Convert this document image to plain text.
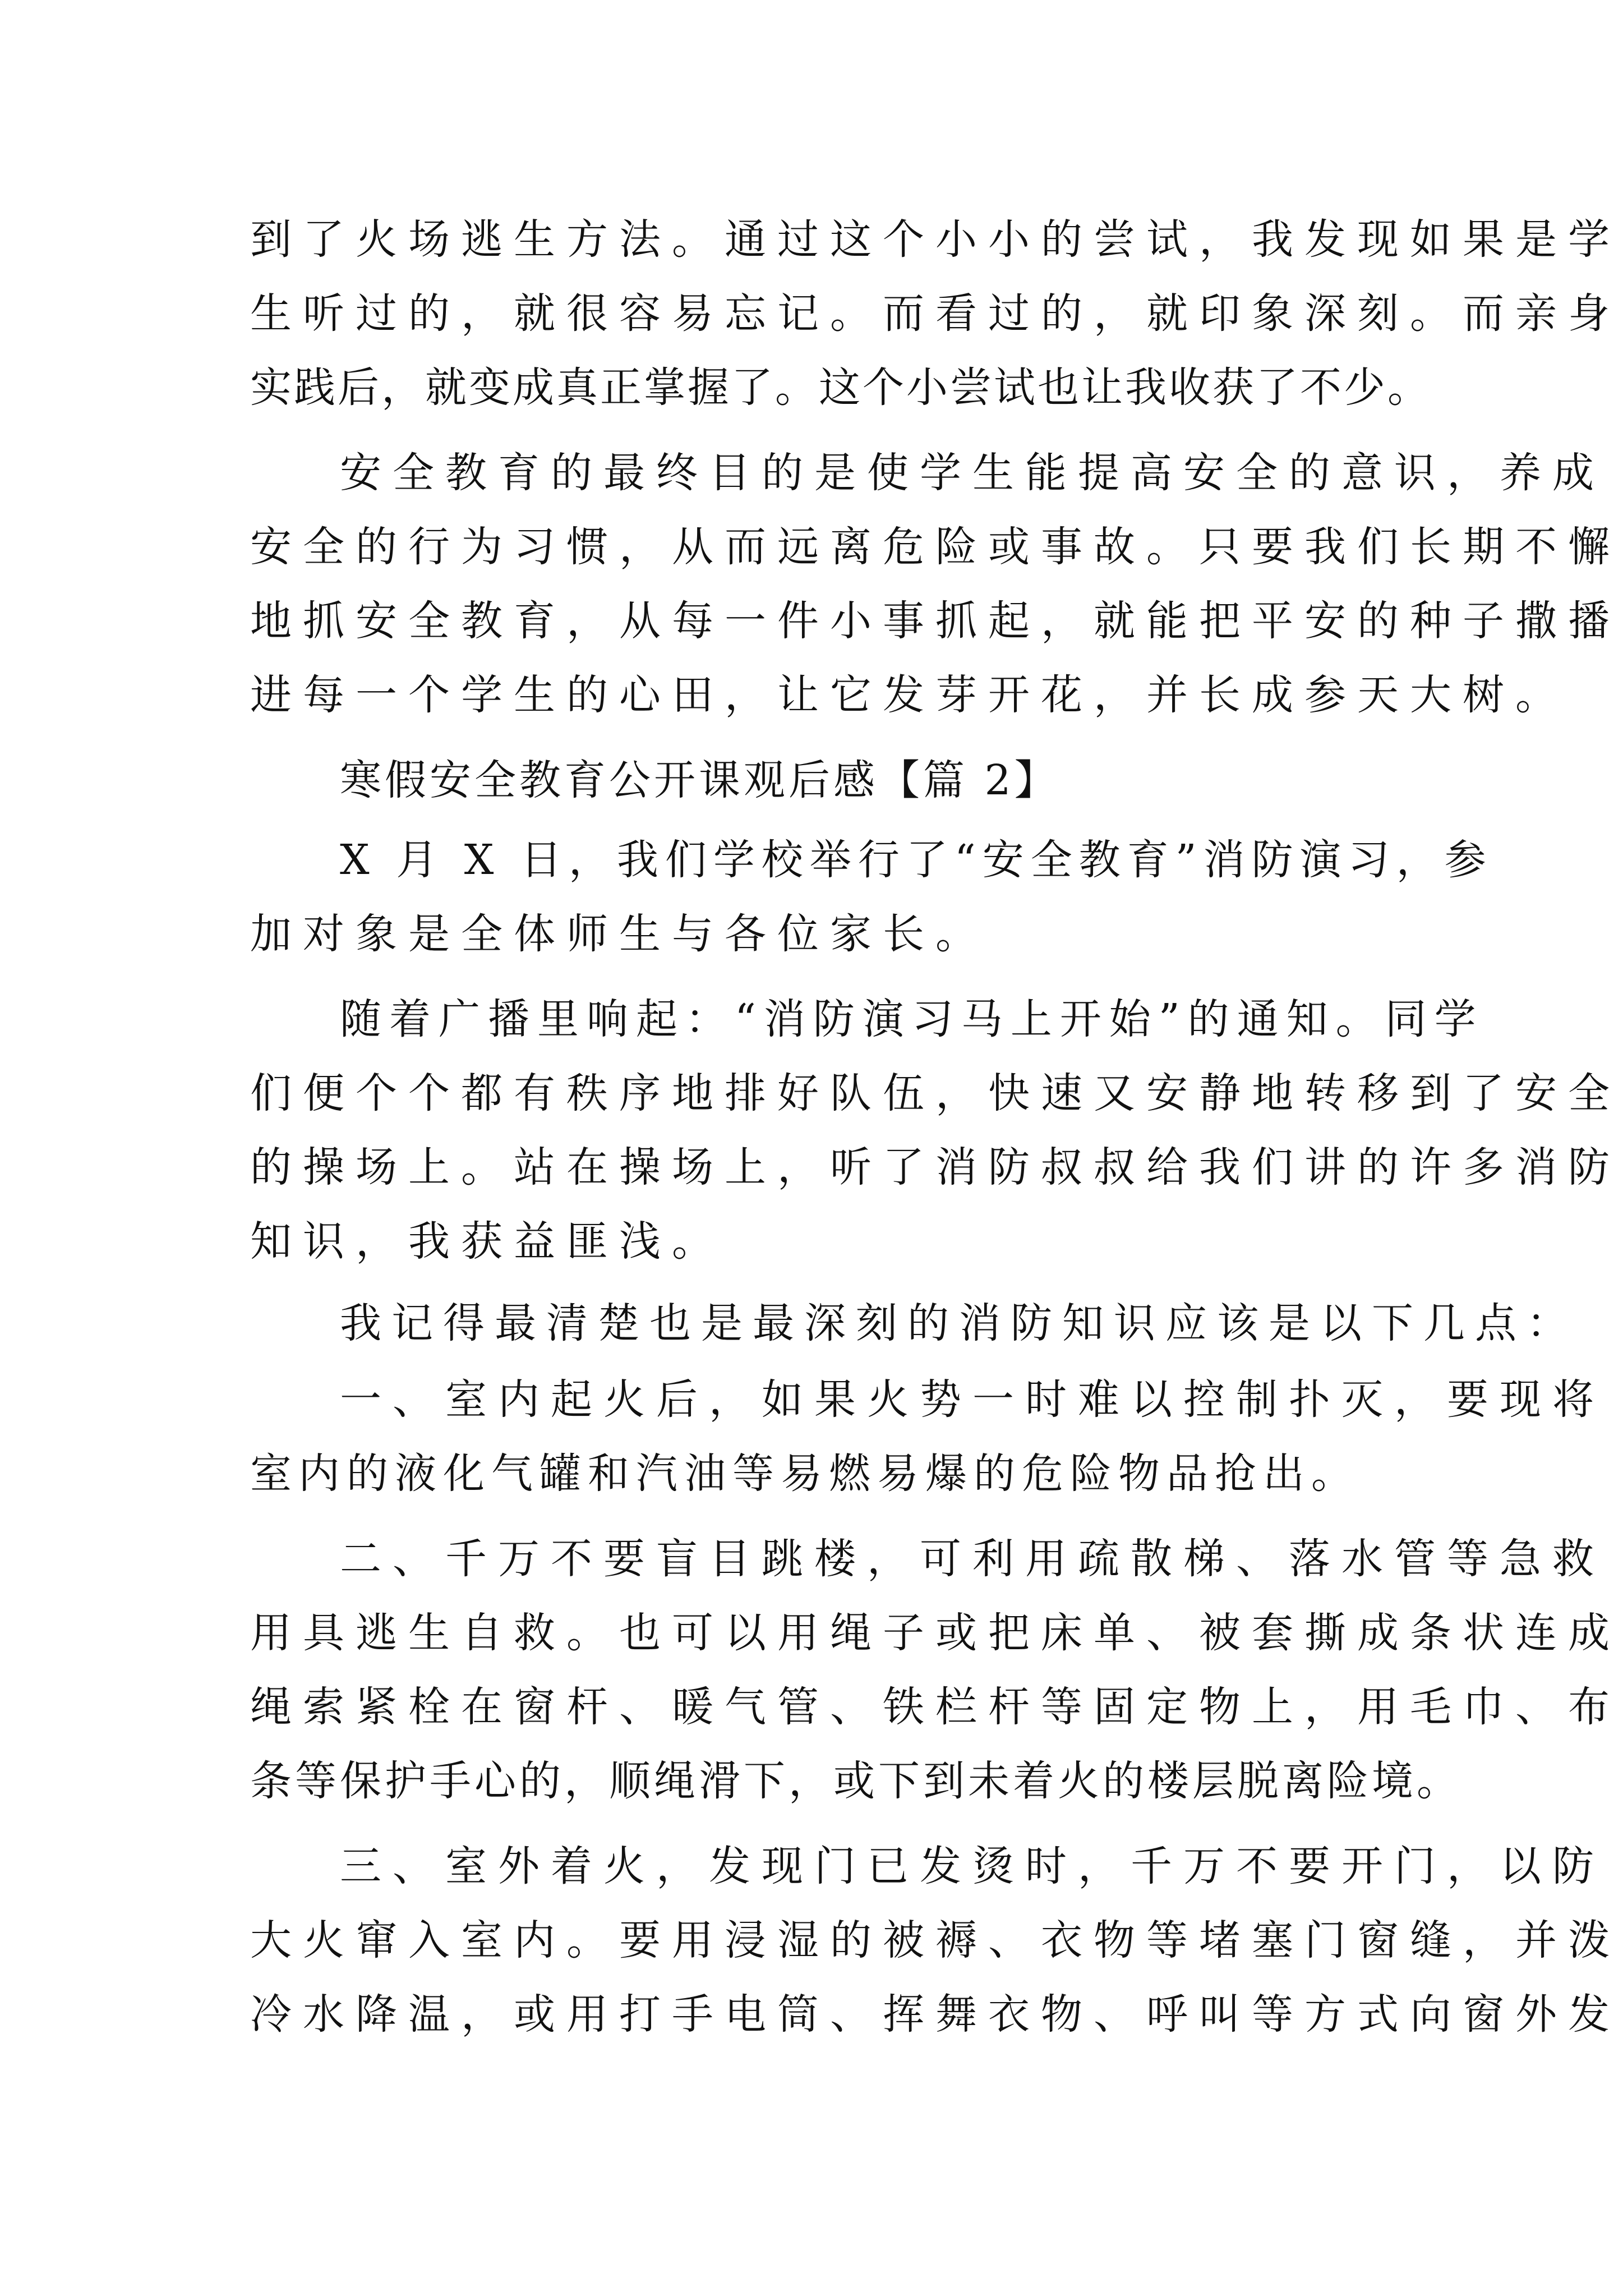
到了火场逃生方法。通过这个小小的尝试，我发现如果是学
生听过的，就很容易忘记。而看过的，就印象深刻。而亲身
实践后，就变成真正掌握了。这个小尝试也让我收获了不少。
安全教育的最终目的是使学生能提高安全的意识，养成
安全的行为习惯，从而远离危险或事故。只要我们长期不懈
地抓安全教育，从每一件小事抓起，就能把平安的种子撒播
进每一个学生的心田，让它发芽开花，并长成参天大树。
寒假安全教育公开课观后感【篇 2】
X 月 X 日，我们学校举行了“安全教育”消防演习，参
加对象是全体师生与各位家长。
随着广播里响起：“消防演习马上开始”的通知。同学
们便个个都有秩序地排好队伍，快速又安静地转移到了安全
的操场上。站在操场上，听了消防叔叔给我们讲的许多消防
知识，我获益匪浅。
我记得最清楚也是最深刻的消防知识应该是以下几点：
一、室内起火后，如果火势一时难以控制扑灭，要现将
室内的液化气罐和汽油等易燃易爆的危险物品抢出。
二、千万不要盲目跳楼，可利用疏散梯、落水管等急救
用具逃生自救。也可以用绳子或把床单、被套撕成条状连成
绳索紧栓在窗杆、暖气管、铁栏杆等固定物上，用毛巾、布
条等保护手心的，顺绳滑下，或下到未着火的楼层脱离险境。
三、室外着火，发现门已发烫时，千万不要开门，以防
大火窜入室内。要用浸湿的被褥、衣物等堵塞门窗缝，并泼
冷水降温，或用打手电筒、挥舞衣物、呼叫等方式向窗外发
